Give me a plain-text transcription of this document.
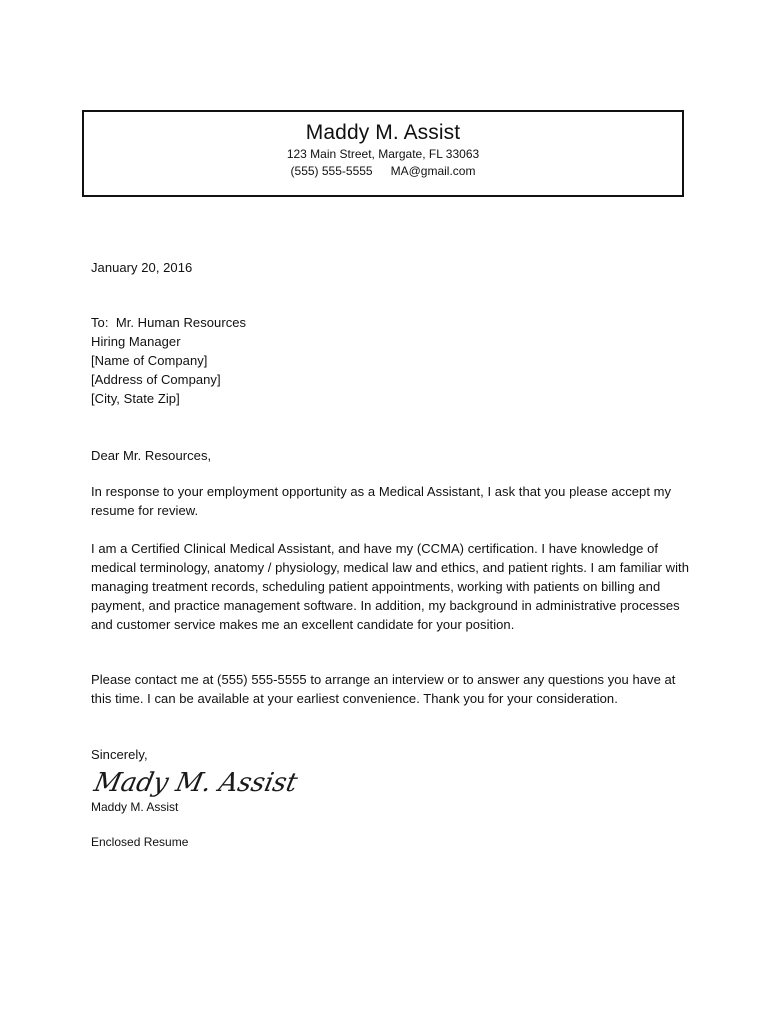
Maddy M. Assist
123 Main Street, Margate, FL 33063
(555) 555-5555 MA@gmail.com
January 20, 2016

To:  Mr. Human Resources

Hiring Manager

[Name of Company]

[Address of Company]

[City, State Zip]

Dear Mr. Resources,
In response to your employment opportunity as a Medical Assistant, I ask that you please accept my resume for review.
I am a Certified Clinical Medical Assistant, and have my (CCMA) certification. I have knowledge of medical terminology, anatomy / physiology, medical law and ethics, and patient rights. I am familiar with managing treatment records, scheduling patient appointments, working with patients on billing and payment, and practice management software. In addition, my background in administrative processes and customer service makes me an excellent candidate for your position.
Please contact me at (555) 555-5555 to arrange an interview or to answer any questions you have at this time. I can be available at your earliest convenience. Thank you for your consideration.
Sincerely,
Mady M. Assist
Maddy M. Assist
Enclosed Resume
